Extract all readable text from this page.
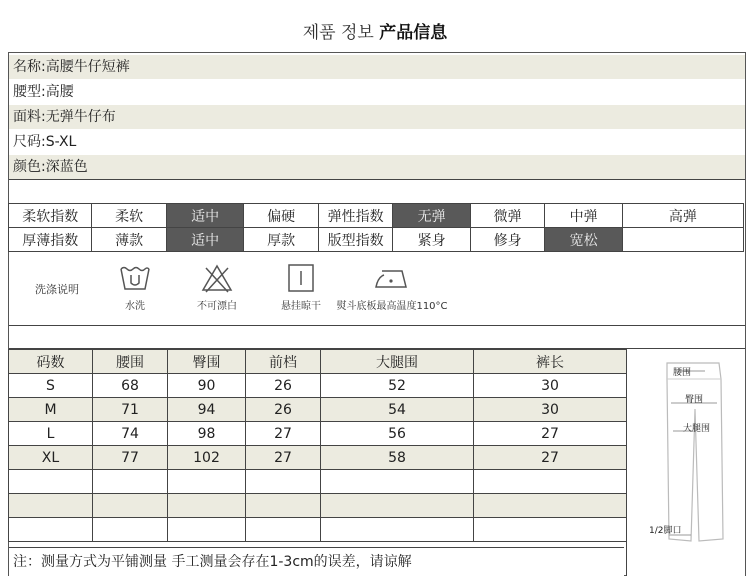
제품 정보 产品信息
名称:高腰牛仔短裤
腰型:高腰
面料:无弹牛仔布
尺码:S-XL
颜色:深蓝色
柔软指数	柔软	适中	偏硬	弹性指数	无弹	微弹	中弹	高弹
厚薄指数	薄款	适中	厚款	版型指数	紧身	修身	宽松	
洗涤说明
水洗	不可漂白	悬挂晾干	熨斗底板最高温度110°C
码数	腰围	臀围	前档	大腿围	裤长
S	68	90	26	52	30
M	71	94	26	54	30
L	74	98	27	56	27
XL	77	102	27	58	27

腰围
臀围
大腿围
1/2脚口
注：测量方式为平铺测量 手工测量会存在1-3cm的误差，请谅解
